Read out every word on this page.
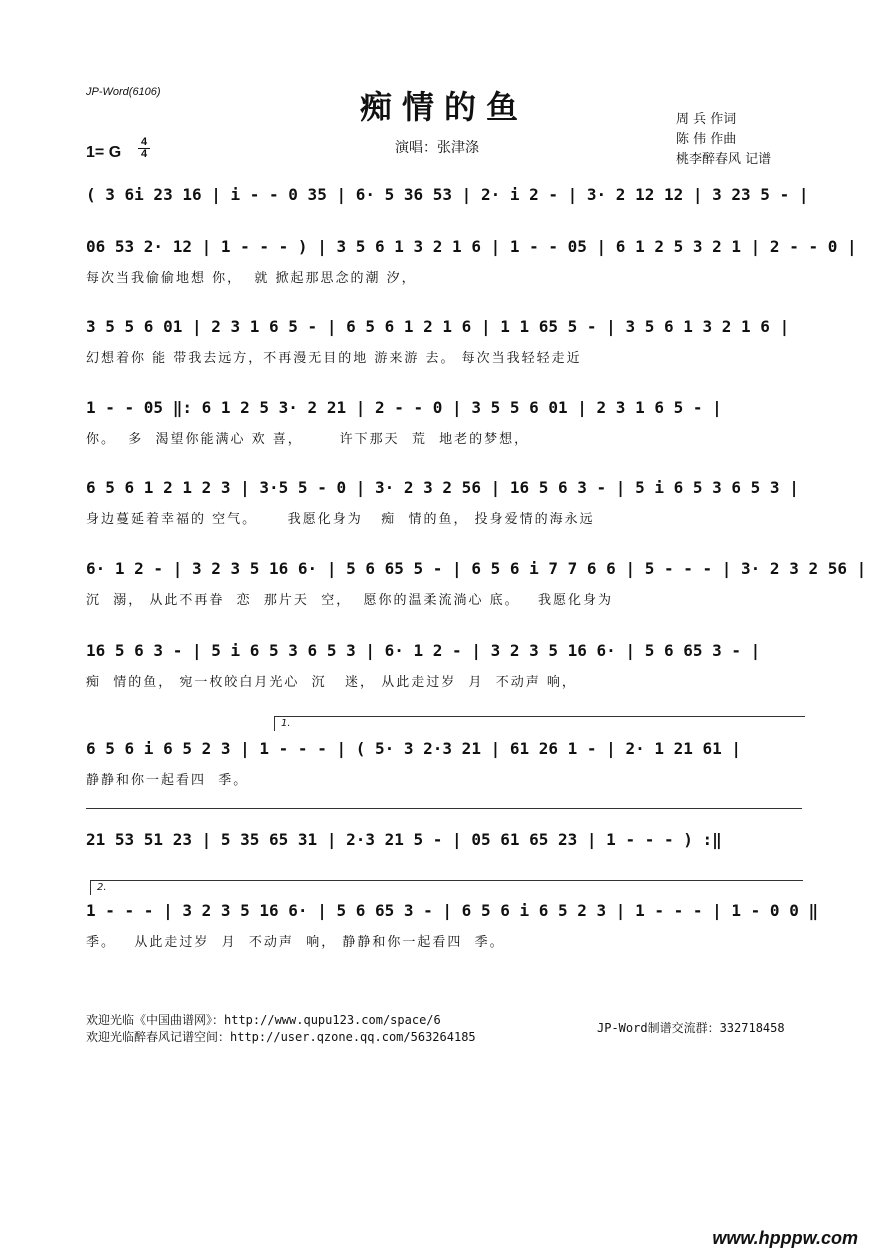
JP-Word(6106)	痴情的鱼
1= G
4
4	演唱：张津涤
周 兵 作词
陈 伟 作曲
桃李醉春风 记谱
( 3 6i 23 16 | i - - 0 35 | 6· 5 36 53 | 2· i 2 - | 3· 2 12 12 | 3 23 5 - |
06 53 2· 12 | 1 - - - ) | 3 5 6 1 3 2 1 6 | 1 - - 05 | 6 1 2 5 3 2 1 | 2 - - 0 |
每次当我偷偷地想 你，  就 掀起那思念的潮 汐，
3 5 5 6 01 | 2 3 1 6 5 - | 6 5 6 1 2 1 6 | 1 1 65 5 - | 3 5 6 1 3 2 1 6 |
幻想着你 能 带我去远方，不再漫无目的地 游来游 去。 每次当我轻轻走近
1 - - 05 ‖: 6 1 2 5 3· 2 21 | 2 - - 0 | 3 5 5 6 01 | 2 3 1 6 5 - |
你。  多  渴望你能满心 欢 喜，      许下那天  荒  地老的梦想，
6 5 6 1 2 1 2 3 | 3·5 5 - 0 | 3· 2 3 2 56 | 16 5 6 3 - | 5 i 6 5 3 6 5 3 |
身边蔓延着幸福的 空气。     我愿化身为   痴  情的鱼， 投身爱情的海永远
6· 1 2 - | 3 2 3 5 16 6· | 5 6 65 5 - | 6 5 6 i 7 7 6 6 | 5 - - - | 3· 2 3 2 56 |
沉  溺， 从此不再眷  恋  那片天  空，  愿你的温柔流淌心 底。   我愿化身为
16 5 6 3 - | 5 i 6 5 3 6 5 3 | 6· 1 2 - | 3 2 3 5 16 6· | 5 6 65 3 - |
痴  情的鱼， 宛一枚皎白月光心  沉   迷， 从此走过岁  月  不动声 响，
1.
6 5 6 i 6 5 2 3 | 1 - - - | ( 5· 3 2·3 21 | 61 26 1 - | 2· 1 21 61 |
静静和你一起看四  季。
21 53 51 23 | 5 35 65 31 | 2·3 21 5 - | 05 61 65 23 | 1 - - - ) :‖
2.
1 - - - | 3 2 3 5 16 6· | 5 6 65 3 - | 6 5 6 i 6 5 2 3 | 1 - - - | 1 - 0 0 ‖
季。   从此走过岁  月  不动声  响， 静静和你一起看四  季。
欢迎光临《中国曲谱网》：http://www.qupu123.com/space/6
欢迎光临醉春风记谱空间：http://user.qzone.qq.com/563264185
JP-Word制谱交流群：332718458
www.hpppw.com
